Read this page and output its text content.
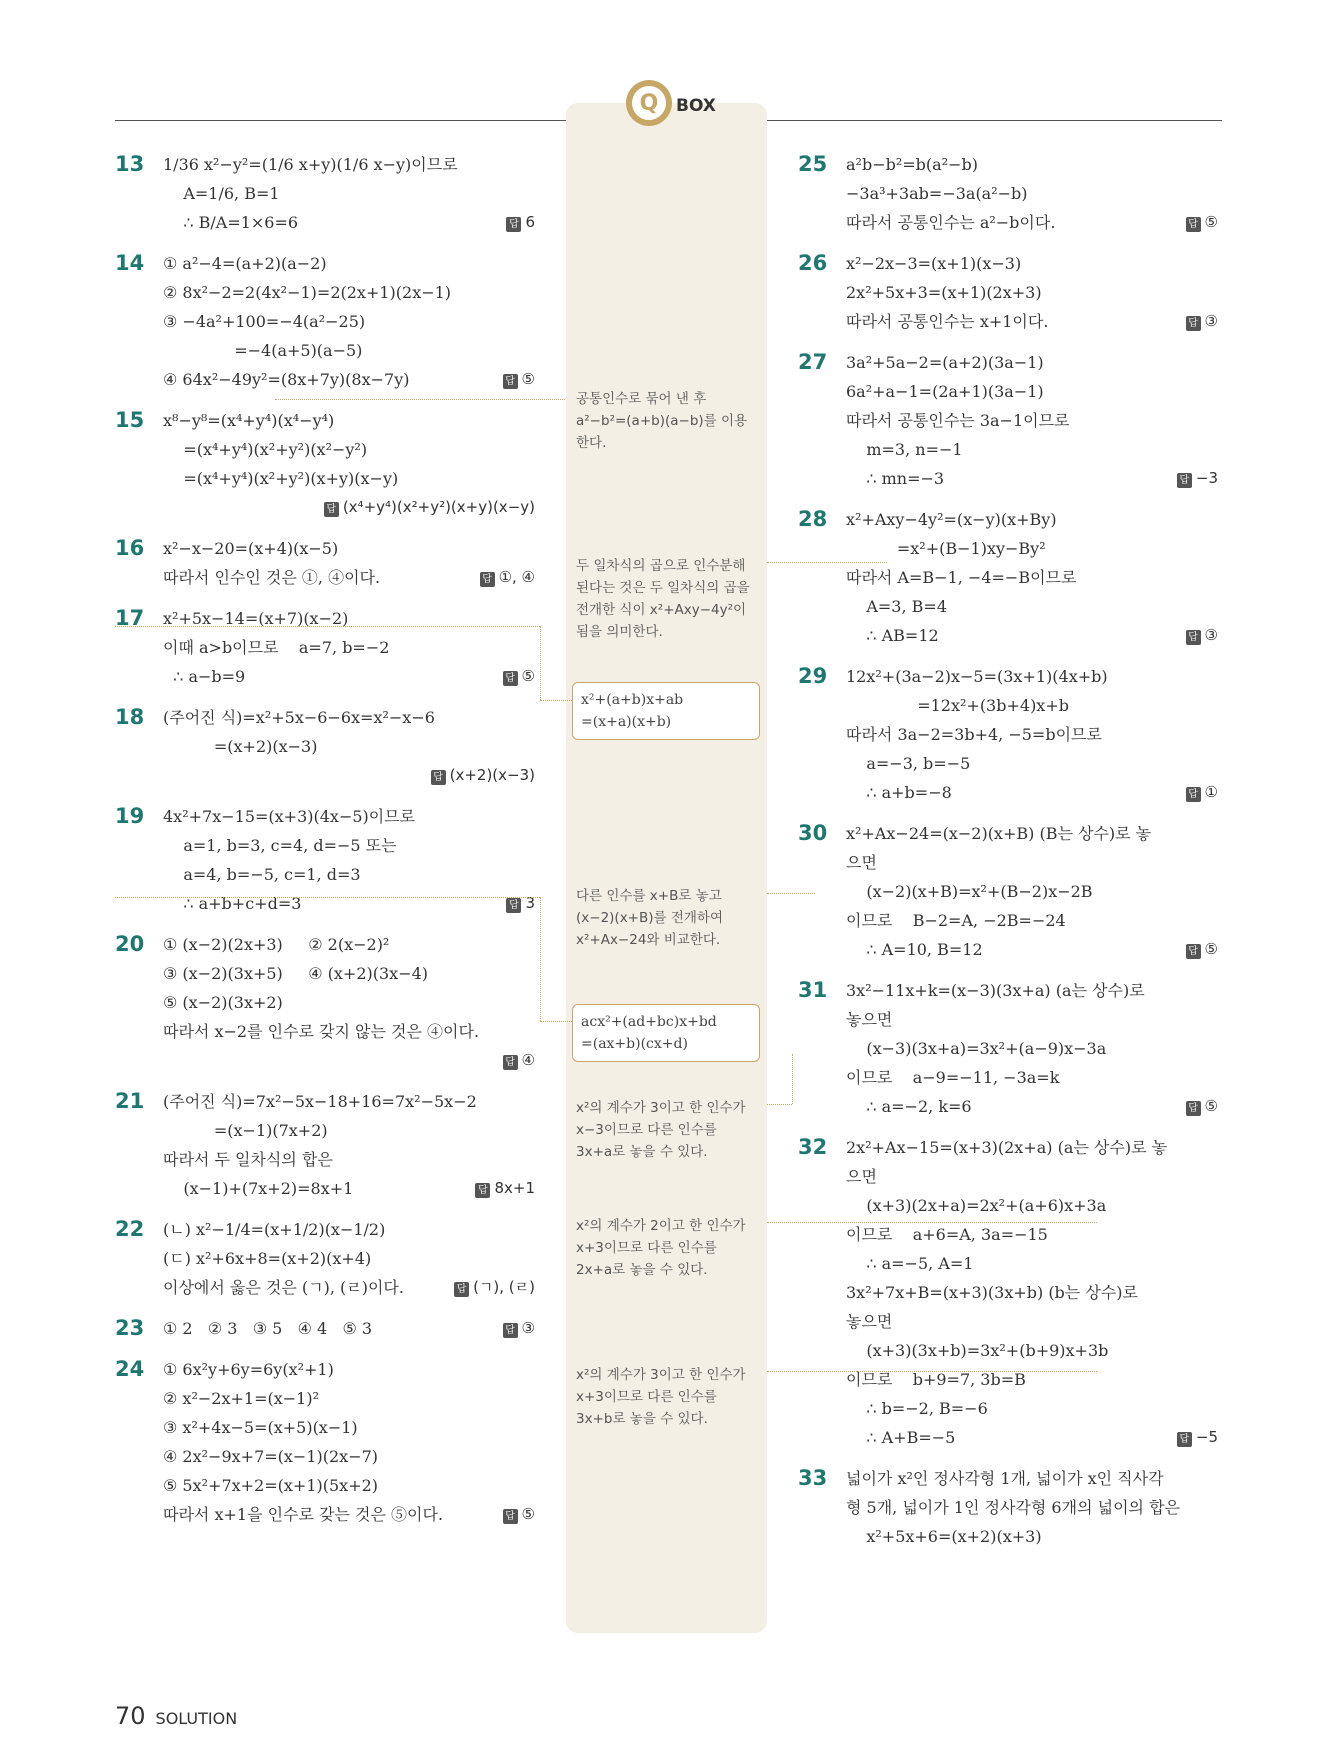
Q	BOX
13	1/36 x²−y²=(1/6 x+y)(1/6 x−y)이므로
A=1/6, B=1
∴ B/A=1×6=6	답 6
14	① a²−4=(a+2)(a−2)
② 8x²−2=2(4x²−1)=2(2x+1)(2x−1)
③ −4a²+100=−4(a²−25)
=−4(a+5)(a−5)
④ 64x²−49y²=(8x+7y)(8x−7y)	답 ⑤
15	x⁸−y⁸=(x⁴+y⁴)(x⁴−y⁴)
=(x⁴+y⁴)(x²+y²)(x²−y²)
=(x⁴+y⁴)(x²+y²)(x+y)(x−y)
답 (x⁴+y⁴)(x²+y²)(x+y)(x−y)
16	x²−x−20=(x+4)(x−5)
따라서 인수인 것은 ①, ④이다.	답 ①, ④
17	x²+5x−14=(x+7)(x−2)
이때 a>b이므로    a=7, b=−2
∴ a−b=9	답 ⑤
18	(주어진 식)=x²+5x−6−6x=x²−x−6
=(x+2)(x−3)
답 (x+2)(x−3)
19	4x²+7x−15=(x+3)(4x−5)이므로
a=1, b=3, c=4, d=−5 또는
a=4, b=−5, c=1, d=3
∴ a+b+c+d=3	답 3
20	① (x−2)(2x+3)     ② 2(x−2)²
③ (x−2)(3x+5)     ④ (x+2)(3x−4)
⑤ (x−2)(3x+2)
따라서 x−2를 인수로 갖지 않는 것은 ④이다.
답 ④
21	(주어진 식)=7x²−5x−18+16=7x²−5x−2
=(x−1)(7x+2)
따라서 두 일차식의 합은
(x−1)+(7x+2)=8x+1	답 8x+1
22	(ㄴ) x²−1/4=(x+1/2)(x−1/2)
(ㄷ) x²+6x+8=(x+2)(x+4)
이상에서 옳은 것은 (ㄱ), (ㄹ)이다.	답 (ㄱ), (ㄹ)
23	① 2   ② 3   ③ 5   ④ 4   ⑤ 3	답 ③
24	① 6x²y+6y=6y(x²+1)
② x²−2x+1=(x−1)²
③ x²+4x−5=(x+5)(x−1)
④ 2x²−9x+7=(x−1)(2x−7)
⑤ 5x²+7x+2=(x+1)(5x+2)
따라서 x+1을 인수로 갖는 것은 ⑤이다.	답 ⑤
25	a²b−b²=b(a²−b)
−3a³+3ab=−3a(a²−b)
따라서 공통인수는 a²−b이다.	답 ⑤
26	x²−2x−3=(x+1)(x−3)
2x²+5x+3=(x+1)(2x+3)
따라서 공통인수는 x+1이다.	답 ③
27	3a²+5a−2=(a+2)(3a−1)
6a²+a−1=(2a+1)(3a−1)
따라서 공통인수는 3a−1이므로
m=3, n=−1
∴ mn=−3	답 −3
28	x²+Axy−4y²=(x−y)(x+By)
=x²+(B−1)xy−By²
따라서 A=B−1, −4=−B이므로
A=3, B=4
∴ AB=12	답 ③
29	12x²+(3a−2)x−5=(3x+1)(4x+b)
=12x²+(3b+4)x+b
따라서 3a−2=3b+4, −5=b이므로
a=−3, b=−5
∴ a+b=−8	답 ①
30	x²+Ax−24=(x−2)(x+B) (B는 상수)로 놓
으면
(x−2)(x+B)=x²+(B−2)x−2B
이므로    B−2=A, −2B=−24
∴ A=10, B=12	답 ⑤
31	3x²−11x+k=(x−3)(3x+a) (a는 상수)로
놓으면
(x−3)(3x+a)=3x²+(a−9)x−3a
이므로    a−9=−11, −3a=k
∴ a=−2, k=6	답 ⑤
32	2x²+Ax−15=(x+3)(2x+a) (a는 상수)로 놓
으면
(x+3)(2x+a)=2x²+(a+6)x+3a
이므로    a+6=A, 3a=−15
∴ a=−5, A=1
3x²+7x+B=(x+3)(3x+b) (b는 상수)로
놓으면
(x+3)(3x+b)=3x²+(b+9)x+3b
이므로    b+9=7, 3b=B
∴ b=−2, B=−6
∴ A+B=−5	답 −5
33	넓이가 x²인 정사각형 1개, 넓이가 x인 직사각
형 5개, 넓이가 1인 정사각형 6개의 넓이의 합은
x²+5x+6=(x+2)(x+3)
공통인수로 묶어 낸 후 a²−b²=(a+b)(a−b)를 이용한다.
두 일차식의 곱으로 인수분해된다는 것은 두 일차식의 곱을 전개한 식이 x²+Axy−4y²이 됨을 의미한다.
x²+(a+b)x+ab
=(x+a)(x+b)
다른 인수를 x+B로 놓고 (x−2)(x+B)를 전개하여 x²+Ax−24와 비교한다.
acx²+(ad+bc)x+bd
=(ax+b)(cx+d)
x²의 계수가 3이고 한 인수가 x−3이므로 다른 인수를 3x+a로 놓을 수 있다.
x²의 계수가 2이고 한 인수가 x+3이므로 다른 인수를 2x+a로 놓을 수 있다.
x²의 계수가 3이고 한 인수가 x+3이므로 다른 인수를 3x+b로 놓을 수 있다.
70 SOLUTION
